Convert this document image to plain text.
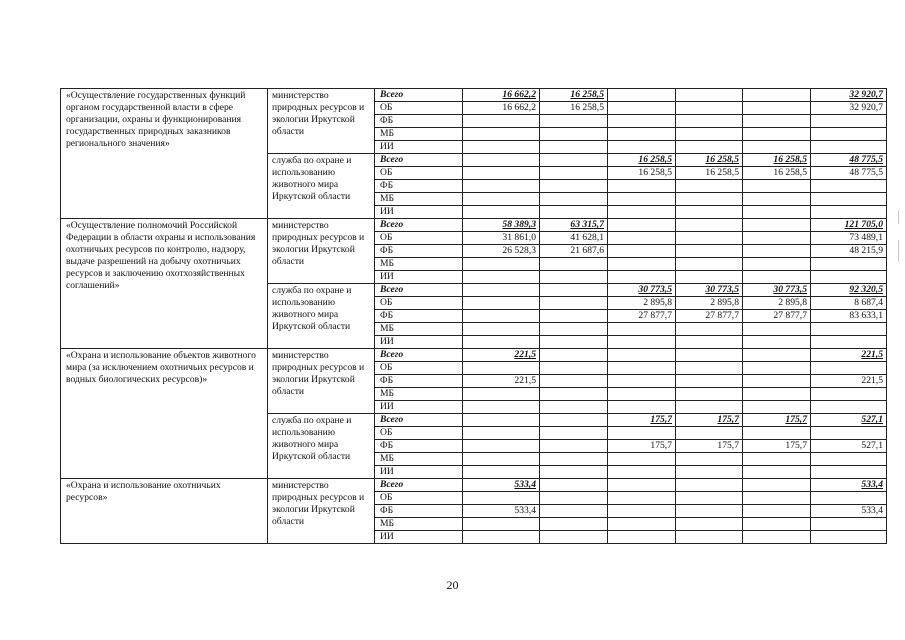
«Осуществление государственных функций органом государственной власти в сфере организации, охраны и функционирования государственных природных заказников регионального значения»	министерство природных ресурсов и экологии Иркутской области	Всего	16 662,2	16 258,5				32 920,7
		ОБ	16 662,2	16 258,5				32 920,7
		ФБ						
		МБ						
		ИИ						
	служба по охране и использованию животного мира Иркутской области	Всего			16 258,5	16 258,5	16 258,5	48 775,5
		ОБ			16 258,5	16 258,5	16 258,5	48 775,5
		ФБ						
		МБ						
		ИИ						
«Осуществление полномочий Российской Федерации в области охраны и использования охотничьих ресурсов по контролю, надзору, выдаче разрешений на добычу охотничьих ресурсов и заключению охотхозяйственных соглашений»	министерство природных ресурсов и экологии Иркутской области	Всего	58 389,3	63 315,7				121 705,0
		ОБ	31 861,0	41 628,1				73 489,1
		ФБ	26 528,3	21 687,6				48 215,9
		МБ						
		ИИ						
	служба по охране и использованию животного мира Иркутской области	Всего			30 773,5	30 773,5	30 773,5	92 320,5
		ОБ			2 895,8	2 895,8	2 895,8	8 687,4
		ФБ			27 877,7	27 877,7	27 877,7	83 633,1
		МБ						
		ИИ						
«Охрана и использование объектов животного мира (за исключением охотничьих ресурсов и водных биологических ресурсов)»	министерство природных ресурсов и экологии Иркутской области	Всего	221,5					221,5
		ОБ						
		ФБ	221,5					221,5
		МБ						
		ИИ						
	служба по охране и использованию животного мира Иркутской области	Всего			175,7	175,7	175,7	527,1
		ОБ						
		ФБ			175,7	175,7	175,7	527,1
		МБ						
		ИИ						
«Охрана и использование охотничьих ресурсов»	министерство природных ресурсов и экологии Иркутской области	Всего	533,4					533,4
		ОБ						
		ФБ	533,4					533,4
		МБ						
		ИИ						
20
